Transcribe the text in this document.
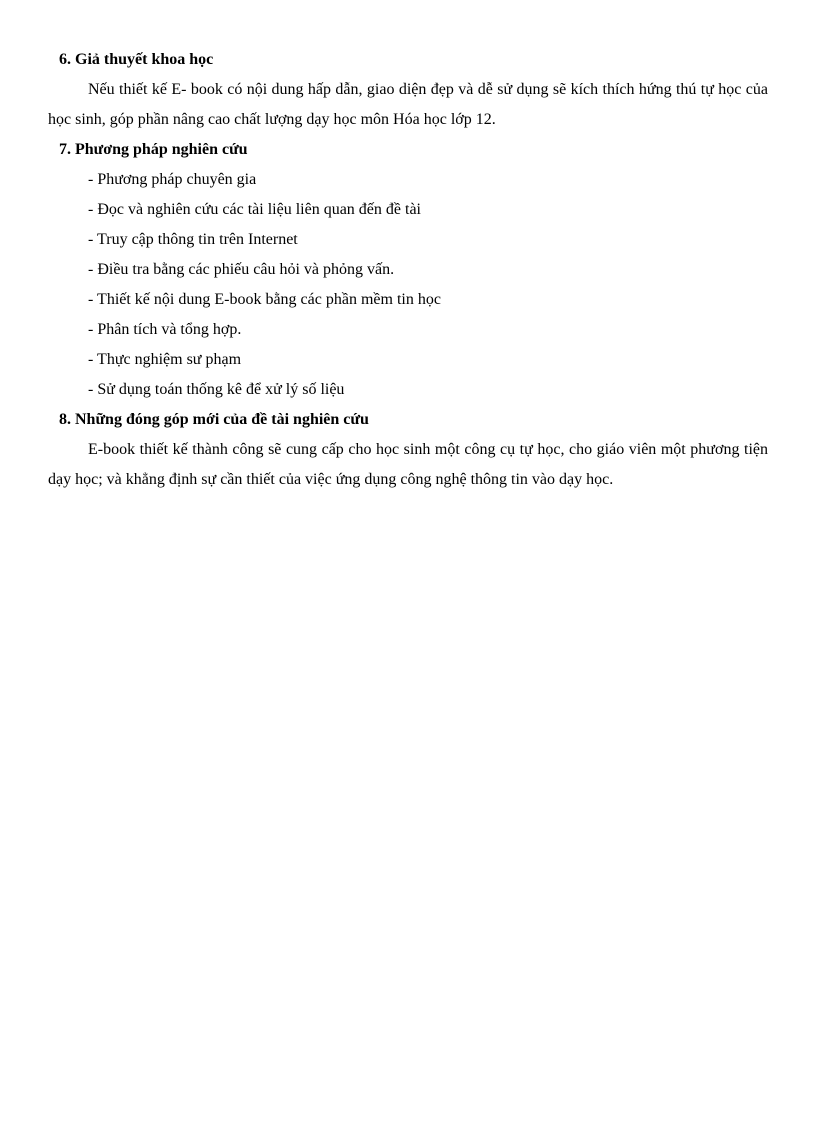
6. Giả thuyết khoa học

Nếu thiết kế E- book có nội dung hấp dẫn, giao diện đẹp và dễ sử dụng sẽ kích thích hứng thú tự học của học sinh, góp phần nâng cao chất lượng dạy học môn Hóa học lớp 12.

7. Phương pháp nghiên cứu

- Phương pháp chuyên gia
- Đọc và nghiên cứu các tài liệu liên quan đến đề tài
- Truy cập thông tin trên Internet
- Điều tra bằng các phiếu câu hỏi và phỏng vấn.
- Thiết kế nội dung E-book bằng các phần mềm tin học
- Phân tích và tổng hợp.
- Thực nghiệm sư phạm
- Sử dụng toán thống kê để xử lý số liệu

8. Những đóng góp mới của đề tài nghiên cứu

E-book thiết kế thành công sẽ cung cấp cho học sinh một công cụ tự học, cho giáo viên một phương tiện dạy học; và khẳng định sự cần thiết của việc ứng dụng công nghệ thông tin vào dạy học.
